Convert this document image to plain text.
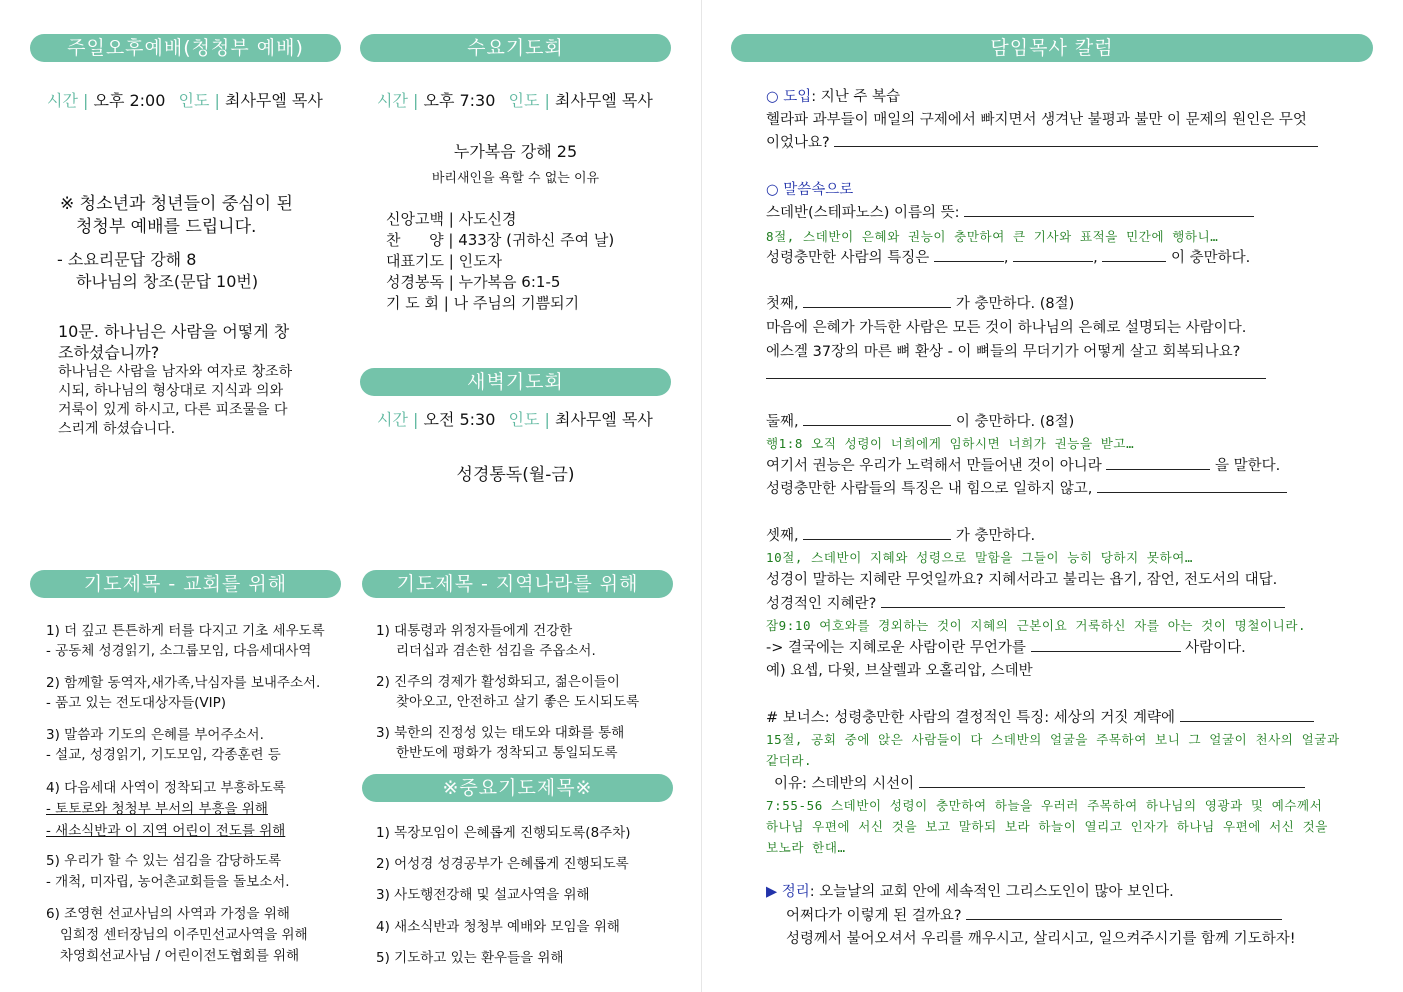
주일오후예배(청청부 예배)
시간 | 오후 2:00 인도 | 최사무엘 목사
※ 청소년과 청년들이 중심이 된
청청부 예배를 드립니다.
- 소요리문답 강해 8
하나님의 창조(문답 10번)
10문. 하나님은 사람을 어떻게 창
조하셨습니까?
하나님은 사람을 남자와 여자로 창조하
시되, 하나님의 형상대로 지식과 의와
거룩이 있게 하시고, 다른 피조물을 다
스리게 하셨습니다.
수요기도회
시간 | 오후 7:30 인도 | 최사무엘 목사
누가복음 강해 25
바리새인을 욕할 수 없는 이유
신앙고백 | 사도신경
찬      양 | 433장 (귀하신 주여 날)
대표기도 | 인도자
성경봉독 | 누가복음 6:1-5
기 도 회 | 나 주님의 기쁨되기
새벽기도회
시간 | 오전 5:30 인도 | 최사무엘 목사
성경통독(월-금)
기도제목 - 교회를 위해
1) 더 깊고 튼튼하게 터를 다지고 기초 세우도록
- 공동체 성경읽기, 소그룹모임, 다음세대사역
2) 함께할 동역자,새가족,낙심자를 보내주소서.
- 품고 있는 전도대상자들(VIP)
3) 말씀과 기도의 은혜를 부어주소서.
- 설교, 성경읽기, 기도모임, 각종훈련 등
4) 다음세대 사역이 정착되고 부흥하도록
- 토토로와 청청부 부서의 부흥을 위해
- 새소식반과 이 지역 어린이 전도를 위해
5) 우리가 할 수 있는 섬김을 감당하도록
- 개척, 미자립, 농어촌교회들을 돌보소서.
6) 조영현 선교사님의 사역과 가정을 위해
임희정 센터장님의 이주민선교사역을 위해
차영희선교사님 / 어린이전도협회를 위해
기도제목 - 지역나라를 위해
1) 대통령과 위정자들에게 건강한
리더십과 겸손한 섬김을 주옵소서.
2) 진주의 경제가 활성화되고, 젊은이들이
찾아오고, 안전하고 살기 좋은 도시되도록
3) 북한의 진정성 있는 태도와 대화를 통해
한반도에 평화가 정착되고 통일되도록
※중요기도제목※
1) 목장모임이 은혜롭게 진행되도록(8주차)
2) 어성경 성경공부가 은혜롭게 진행되도록
3) 사도행전강해 및 설교사역을 위해
4) 새소식반과 청청부 예배와 모임을 위해
5) 기도하고 있는 환우들을 위해
담임목사 칼럼
○ 도입: 지난 주 복습
헬라파 과부들이 매일의 구제에서 빠지면서 생겨난 불평과 불만 이 문제의 원인은 무엇
이었나요?
○ 말씀속으로
스데반(스테파노스) 이름의 뜻:
8절, 스데반이 은혜와 권능이 충만하여 큰 기사와 표적을 민간에 행하니…
성령충만한 사람의 특징은	,	,	이 충만하다.
첫째,	가 충만하다. (8절)
마음에 은혜가 가득한 사람은 모든 것이 하나님의 은혜로 설명되는 사람이다.
에스겔 37장의 마른 뼈 환상 - 이 뼈들의 무더기가 어떻게 살고 회복되나요?
둘째,	이 충만하다. (8절)
행1:8 오직 성령이 너희에게 임하시면 너희가 권능을 받고…
여기서 권능은 우리가 노력해서 만들어낸 것이 아니라	을 말한다.
성령충만한 사람들의 특징은 내 힘으로 일하지 않고,
셋째,	가 충만하다.
10절, 스데반이 지혜와 성령으로 말함을 그들이 능히 당하지 못하여…
성경이 말하는 지혜란 무엇일까요? 지혜서라고 불리는 욥기, 잠언, 전도서의 대답.
성경적인 지혜란?
잠9:10 여호와를 경외하는 것이 지혜의 근본이요 거룩하신 자를 아는 것이 명철이니라.
-> 결국에는 지혜로운 사람이란 무언가를	사람이다.
예) 요셉, 다윗, 브살렐과 오홀리압, 스데반
# 보너스: 성령충만한 사람의 결정적인 특징: 세상의 거짓 계략에
15절, 공회 중에 앉은 사람들이 다 스데반의 얼굴을 주목하여 보니 그 얼굴이 천사의 얼굴과 같더라.
이유: 스데반의 시선이
7:55-56 스데반이 성령이 충만하여 하늘을 우러러 주목하여 하나님의 영광과 및 예수께서 하나님 우편에 서신 것을 보고 말하되 보라 하늘이 열리고 인자가 하나님 우편에 서신 것을 보노라 한대…
▶ 정리: 오늘날의 교회 안에 세속적인 그리스도인이 많아 보인다.
어쩌다가 이렇게 된 걸까요?
성령께서 불어오셔서 우리를 깨우시고, 살리시고, 일으켜주시기를 함께 기도하자!
